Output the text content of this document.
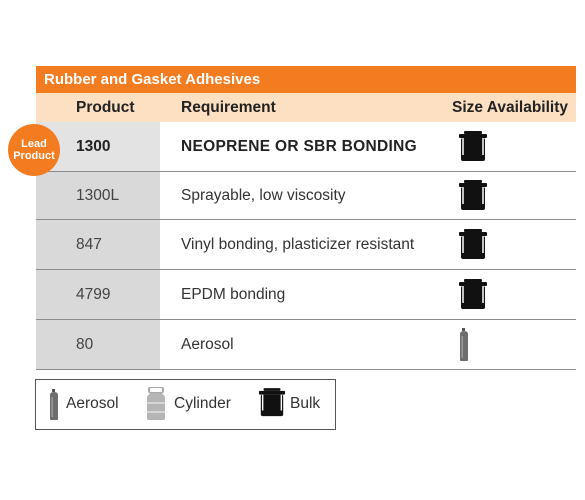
Rubber and Gasket Adhesives
Product	Requirement	Size Availability
Lead
Product
1300	NEOPRENE OR SBR BONDING
1300L	Sprayable, low viscosity
847	Vinyl bonding, plasticizer resistant
4799	EPDM bonding
80	Aerosol
Aerosol	Cylinder	Bulk
